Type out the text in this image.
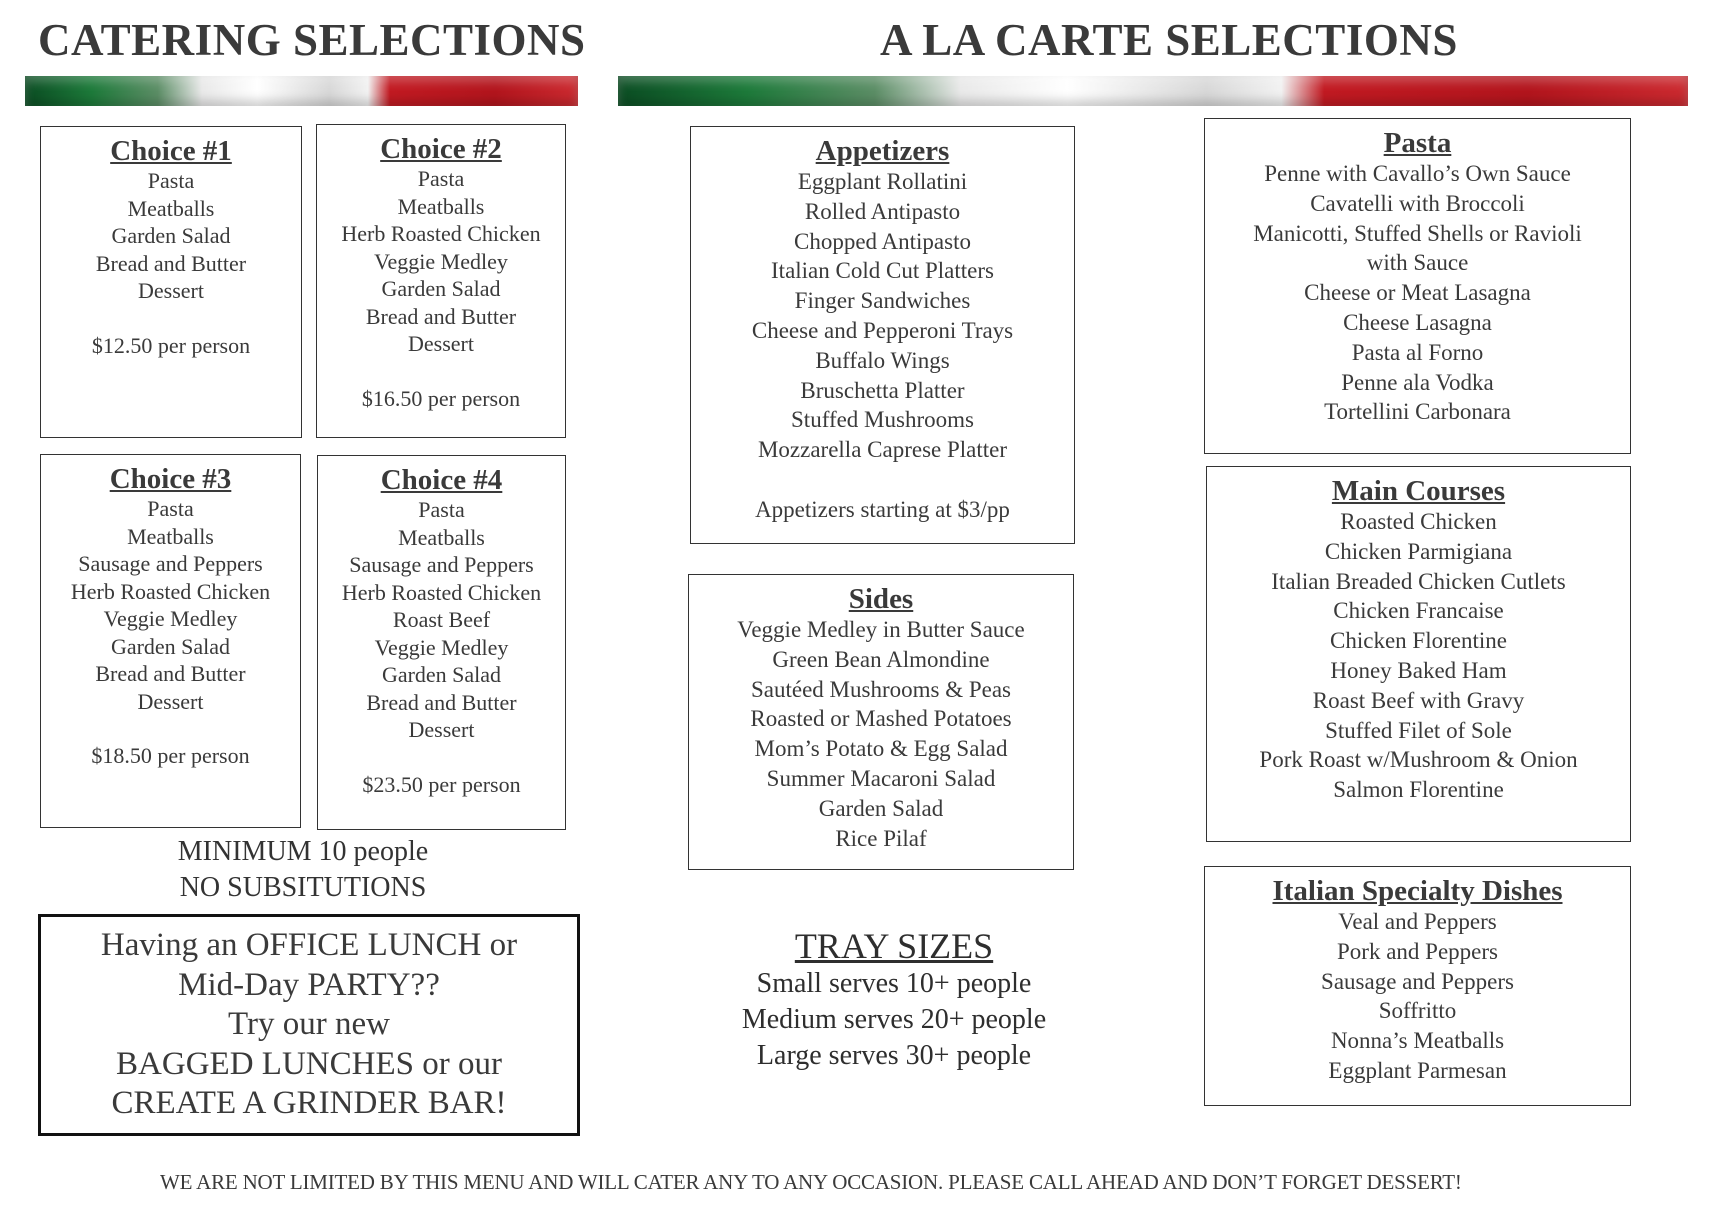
CATERING SELECTIONS	A LA CARTE SELECTIONS
Choice #1
Pasta
Meatballs
Garden Salad
Bread and Butter
Dessert
$12.50 per person
Choice #2
Pasta
Meatballs
Herb Roasted Chicken
Veggie Medley
Garden Salad
Bread and Butter
Dessert
$16.50 per person
Choice #3
Pasta
Meatballs
Sausage and Peppers
Herb Roasted Chicken
Veggie Medley
Garden Salad
Bread and Butter
Dessert
$18.50 per person
Choice #4
Pasta
Meatballs
Sausage and Peppers
Herb Roasted Chicken
Roast Beef
Veggie Medley
Garden Salad
Bread and Butter
Dessert
$23.50 per person
MINIMUM 10 people
NO SUBSITUTIONS
Having an OFFICE LUNCH or
Mid-Day PARTY??
Try our new
BAGGED LUNCHES or our
CREATE A GRINDER BAR!
Appetizers
Eggplant Rollatini
Rolled Antipasto
Chopped Antipasto
Italian Cold Cut Platters
Finger Sandwiches
Cheese and Pepperoni Trays
Buffalo Wings
Bruschetta Platter
Stuffed Mushrooms
Mozzarella Caprese Platter
Appetizers starting at $3/pp
Sides
Veggie Medley in Butter Sauce
Green Bean Almondine
Sautéed Mushrooms & Peas
Roasted or Mashed Potatoes
Mom’s Potato & Egg Salad
Summer Macaroni Salad
Garden Salad
Rice Pilaf
TRAY SIZES
Small serves 10+ people
Medium serves 20+ people
Large serves 30+ people
Pasta
Penne with Cavallo’s Own Sauce
Cavatelli with Broccoli
Manicotti, Stuffed Shells or Ravioli
with Sauce
Cheese or Meat Lasagna
Cheese Lasagna
Pasta al Forno
Penne ala Vodka
Tortellini Carbonara
Main Courses
Roasted Chicken
Chicken Parmigiana
Italian Breaded Chicken Cutlets
Chicken Francaise
Chicken Florentine
Honey Baked Ham
Roast Beef with Gravy
Stuffed Filet of Sole
Pork Roast w/Mushroom & Onion
Salmon Florentine
Italian Specialty Dishes
Veal and Peppers
Pork and Peppers
Sausage and Peppers
Soffritto
Nonna’s Meatballs
Eggplant Parmesan
WE ARE NOT LIMITED BY THIS MENU AND WILL CATER ANY TO ANY OCCASION. PLEASE CALL AHEAD AND DON’T FORGET DESSERT!
